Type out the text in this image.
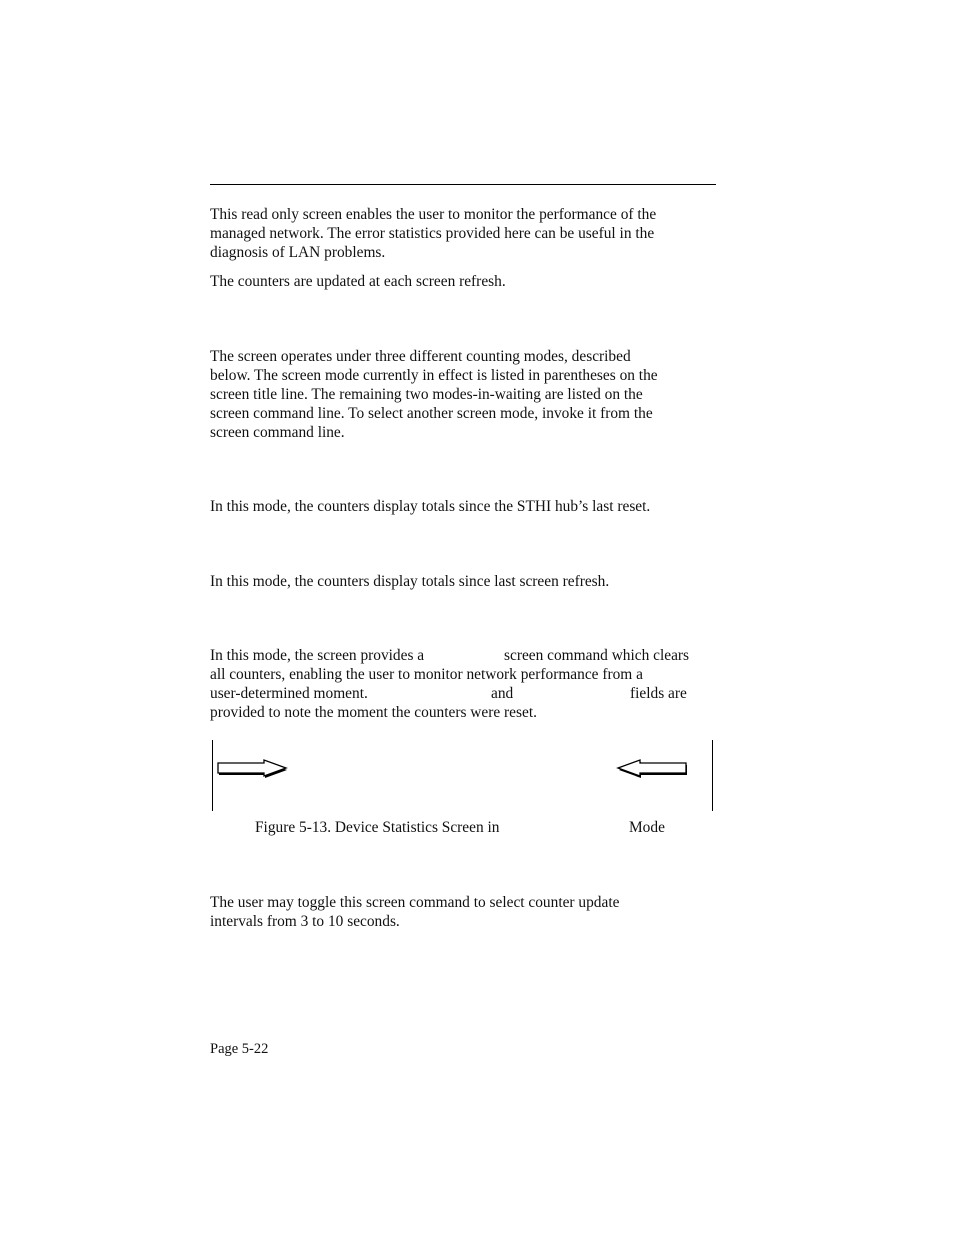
This read only screen enables the user to monitor the performance of the
managed network. The error statistics provided here can be useful in the
diagnosis of LAN problems.

The counters are updated at each screen refresh.

The screen operates under three different counting modes, described
below. The screen mode currently in effect is listed in parentheses on the
screen title line. The remaining two modes-in-waiting are listed on the
screen command line. To select another screen mode, invoke it from the
screen command line.

In this mode, the counters display totals since the STHI hub’s last reset.

In this mode, the counters display totals since last screen refresh.

In this mode, the screen provides a	screen command which clears
all counters, enabling the user to monitor network performance from a
user-determined moment.	and	fields are
provided to note the moment the counters were reset.
Figure 5-13. Device Statistics Screen in	Mode

The user may toggle this screen command to select counter update
intervals from 3 to 10 seconds.

Page 5-22
